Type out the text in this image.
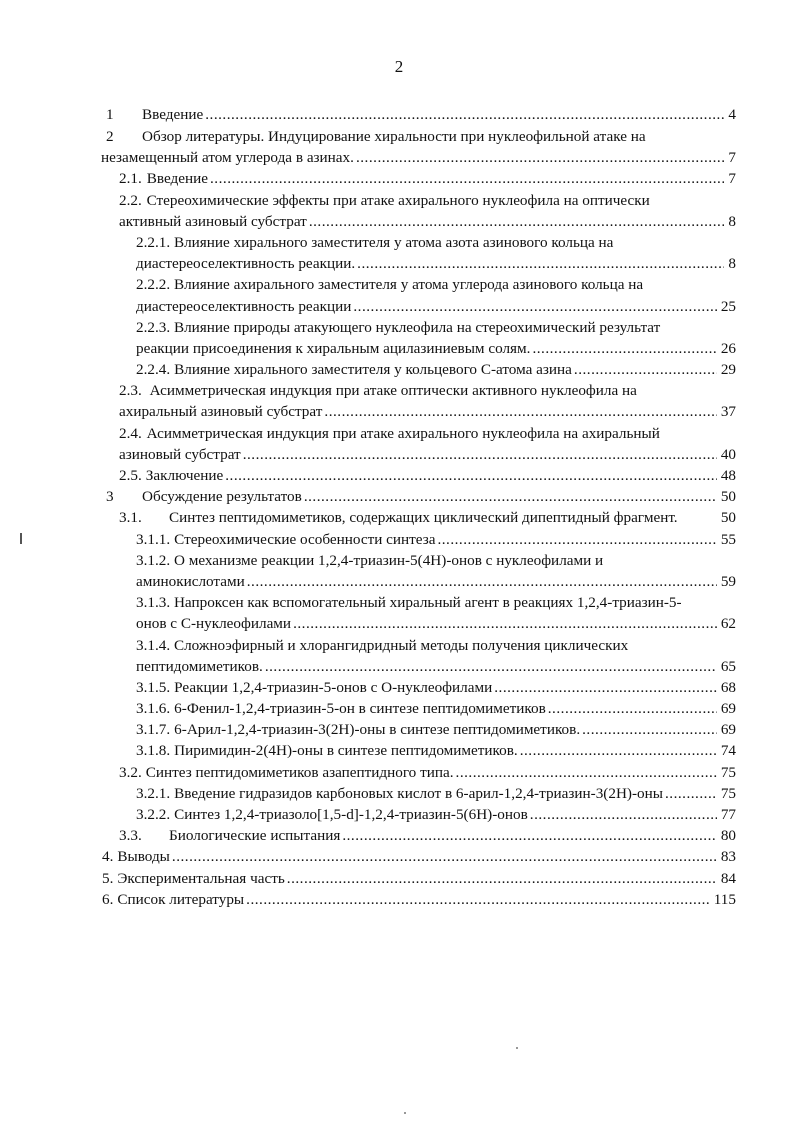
2
1	Введение .....	4
2 Обзор литературы. Индуцирование хиральности при нуклеофильной атаке на
незамещенный атом углерода в азинах. .....	7
2.1. Введение .....	7
2.2. Стереохимические эффекты при атаке ахирального нуклеофила на оптически
активный азиновый субстрат .....	8
2.2.1. Влияние хирального заместителя у атома азота азинового кольца на
диастереоселективность реакции. .....	8
2.2.2. Влияние ахирального заместителя у атома углерода азинового кольца на
диастереоселективность реакции .....	25
2.2.3. Влияние природы атакующего нуклеофила на стереохимический результат
реакции присоединения к хиральным ацилазиниевым солям. .....	26
2.2.4. Влияние хирального заместителя у кольцевого С-атома азина .....	29
2.3. Асимметрическая индукция при атаке оптически активного нуклеофила на
ахиральный азиновый субстрат .....	37
2.4. Асимметрическая индукция при атаке ахирального нуклеофила на ахиральный
азиновый субстрат .....	40
2.5. Заключение .....	48
3	Обсуждение результатов .....	50
3.1.	Синтез пептидомиметиков, содержащих циклический дипептидный фрагмент.	50
3.1.1. Стереохимические особенности синтеза .....	55
3.1.2. О механизме реакции 1,2,4-триазин-5(4Н)-онов с нуклеофилами и
аминокислотами .....	59
3.1.3. Напроксен как вспомогательный хиральный агент в реакциях 1,2,4-триазин-5-
онов с С-нуклеофилами .....	62
3.1.4. Сложноэфирный и хлорангидридный методы получения циклических
пептидомиметиков. .....	65
3.1.5. Реакции 1,2,4-триазин-5-онов с О-нуклеофилами .....	68
3.1.6. 6-Фенил-1,2,4-триазин-5-он в синтезе пептидомиметиков .....	69
3.1.7. 6-Арил-1,2,4-триазин-3(2Н)-оны в синтезе пептидомиметиков. .....	69
3.1.8. Пиримидин-2(4Н)-оны в синтезе пептидомиметиков. .....	74
3.2. Синтез пептидомиметиков азапептидного типа. .....	75
3.2.1. Введение гидразидов карбоновых кислот в 6-арил-1,2,4-триазин-3(2Н)-оны .....	75
3.2.2. Синтез 1,2,4-триазоло[1,5-d]-1,2,4-триазин-5(6Н)-онов .....	77
3.3.	Биологические испытания .....	80
4. Выводы .....	83
5. Экспериментальная часть .....	84
6. Список литературы .....	115
